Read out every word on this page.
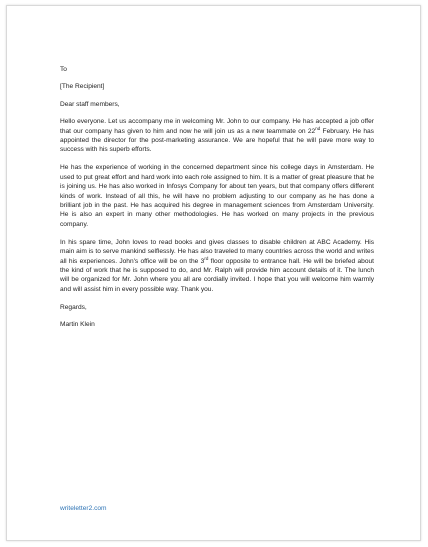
To
[The Recipient]
Dear staff members,

Hello everyone. Let us accompany me in welcoming Mr. John to our company. He has accepted a job offer that our company has given to him and now he will join us as a new teammate on 22nd February. He has appointed the director for the post-marketing assurance. We are hopeful that he will pave more way to success with his superb efforts.

He has the experience of working in the concerned department since his college days in Amsterdam. He used to put great effort and hard work into each role assigned to him. It is a matter of great pleasure that he is joining us. He has also worked in Infosys Company for about ten years, but that company offers different kinds of work. Instead of all this, he will have no problem adjusting to our company as he has done a brilliant job in the past. He has acquired his degree in management sciences from Amsterdam University. He is also an expert in many other methodologies. He has worked on many projects in the previous company.

In his spare time, John loves to read books and gives classes to disable children at ABC Academy. His main aim is to serve mankind selflessly. He has also traveled to many countries across the world and writes all his experiences. John's office will be on the 3rd floor opposite to entrance hall. He will be briefed about the kind of work that he is supposed to do, and Mr. Ralph will provide him account details of it. The lunch will be organized for Mr. John where you all are cordially invited. I hope that you will welcome him warmly and will assist him in every possible way. Thank you.

Regards,
Martin Klein
writeletter2.com
